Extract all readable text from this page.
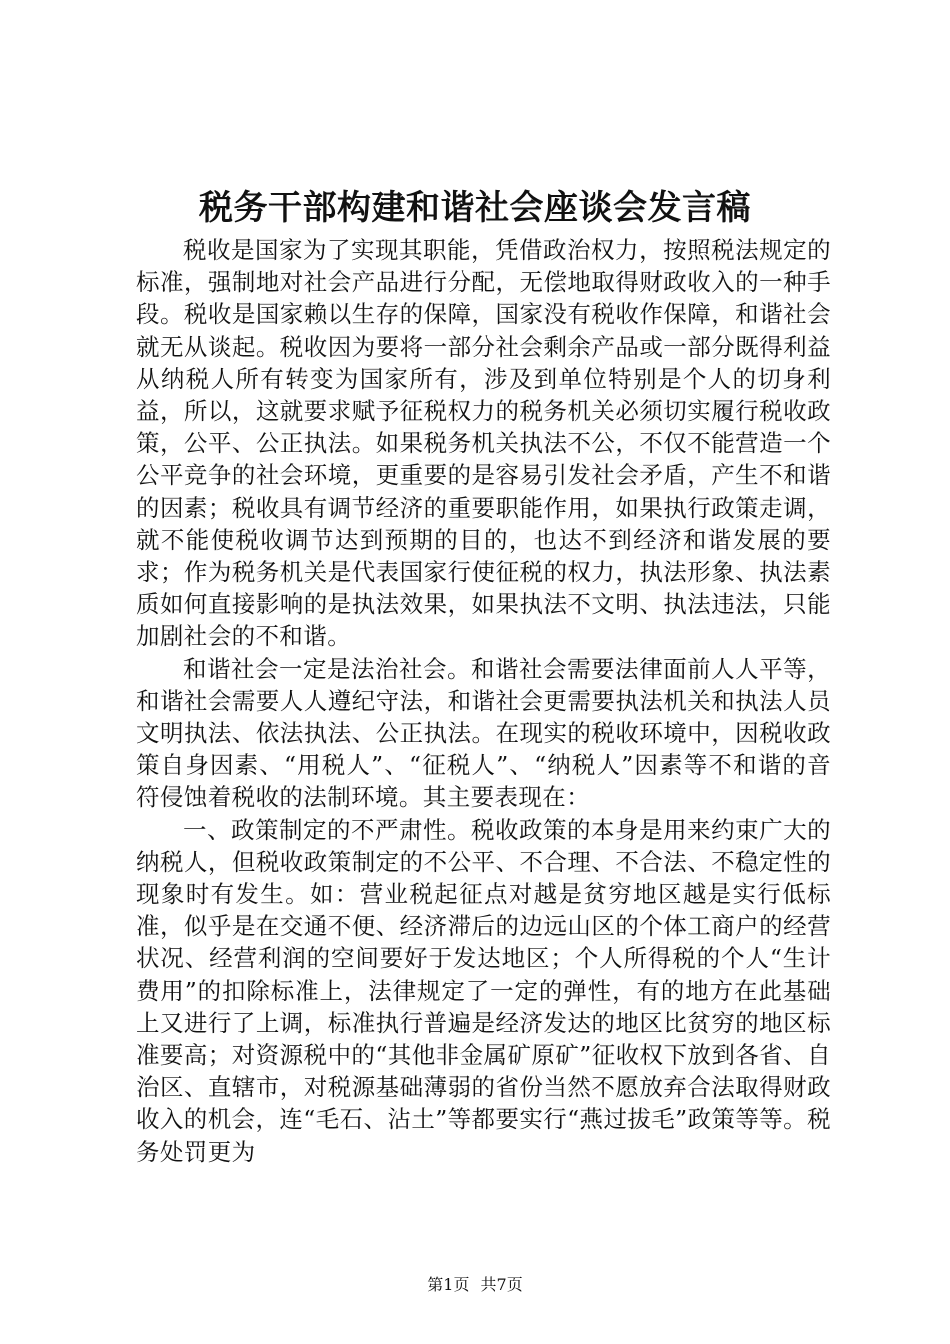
税务干部构建和谐社会座谈会发言稿

税收是国家为了实现其职能，凭借政治权力，按照税法规定的标准，强制地对社会产品进行分配，无偿地取得财政收入的一种手段。税收是国家赖以生存的保障，国家没有税收作保障，和谐社会就无从谈起。税收因为要将一部分社会剩余产品或一部分既得利益从纳税人所有转变为国家所有，涉及到单位特别是个人的切身利益，所以，这就要求赋予征税权力的税务机关必须切实履行税收政策，公平、公正执法。如果税务机关执法不公，不仅不能营造一个公平竞争的社会环境，更重要的是容易引发社会矛盾，产生不和谐的因素；税收具有调节经济的重要职能作用，如果执行政策走调，就不能使税收调节达到预期的目的，也达不到经济和谐发展的要求；作为税务机关是代表国家行使征税的权力，执法形象、执法素质如何直接影响的是执法效果，如果执法不文明、执法违法，只能加剧社会的不和谐。

和谐社会一定是法治社会。和谐社会需要法律面前人人平等，和谐社会需要人人遵纪守法，和谐社会更需要执法机关和执法人员文明执法、依法执法、公正执法。在现实的税收环境中，因税收政策自身因素、“用税人”、“征税人”、“纳税人”因素等不和谐的音符侵蚀着税收的法制环境。其主要表现在：

一、政策制定的不严肃性。税收政策的本身是用来约束广大的纳税人，但税收政策制定的不公平、不合理、不合法、不稳定性的现象时有发生。如：营业税起征点对越是贫穷地区越是实行低标准，似乎是在交通不便、经济滞后的边远山区的个体工商户的经营状况、经营利润的空间要好于发达地区；个人所得税的个人“生计费用”的扣除标准上，法律规定了一定的弹性，有的地方在此基础上又进行了上调，标准执行普遍是经济发达的地区比贫穷的地区标准要高；对资源税中的“其他非金属矿原矿”征收权下放到各省、自治区、直辖市，对税源基础薄弱的省份当然不愿放弃合法取得财政收入的机会，连“毛石、沾土”等都要实行“燕过拔毛”政策等等。税务处罚更为

第1页 共7页
